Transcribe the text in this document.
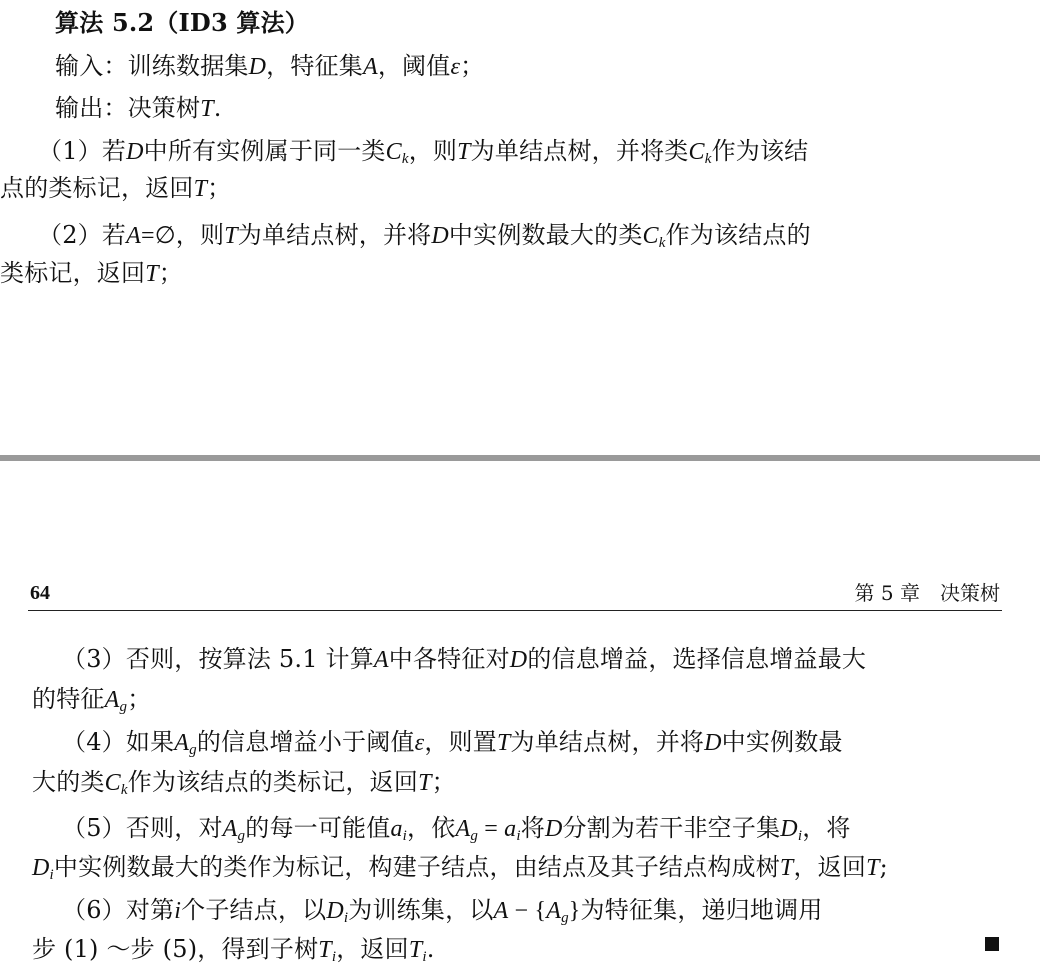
算法 5.2（ID3 算法）
输入：训练数据集D，特征集A，阈值ε；
输出：决策树T.
（1）若D中所有实例属于同一类$C_k$，则T为单结点树，并将类$C_k$作为该结
点的类标记，返回T；
（2）若A=∅，则T为单结点树，并将D中实例数最大的类$C_k$作为该结点的
类标记，返回T；
64	第 5 章　决策树
（3）否则，按算法 5.1 计算A中各特征对D的信息增益，选择信息增益最大
的特征$A_g$；
（4）如果$A_g$的信息增益小于阈值ε，则置T为单结点树，并将D中实例数最
大的类$C_k$作为该结点的类标记，返回T；
（5）否则，对$A_g$的每一可能值$a_i$，依$A_g = a_i$将D分割为若干非空子集$D_i$，将
$D_i$中实例数最大的类作为标记，构建子结点，由结点及其子结点构成树T，返回T;
（6）对第i个子结点，以$D_i$为训练集，以$A - \{A_g\}$为特征集，递归地调用
步 (1) ～步 (5)，得到子树$T_i$，返回$T_i$.
